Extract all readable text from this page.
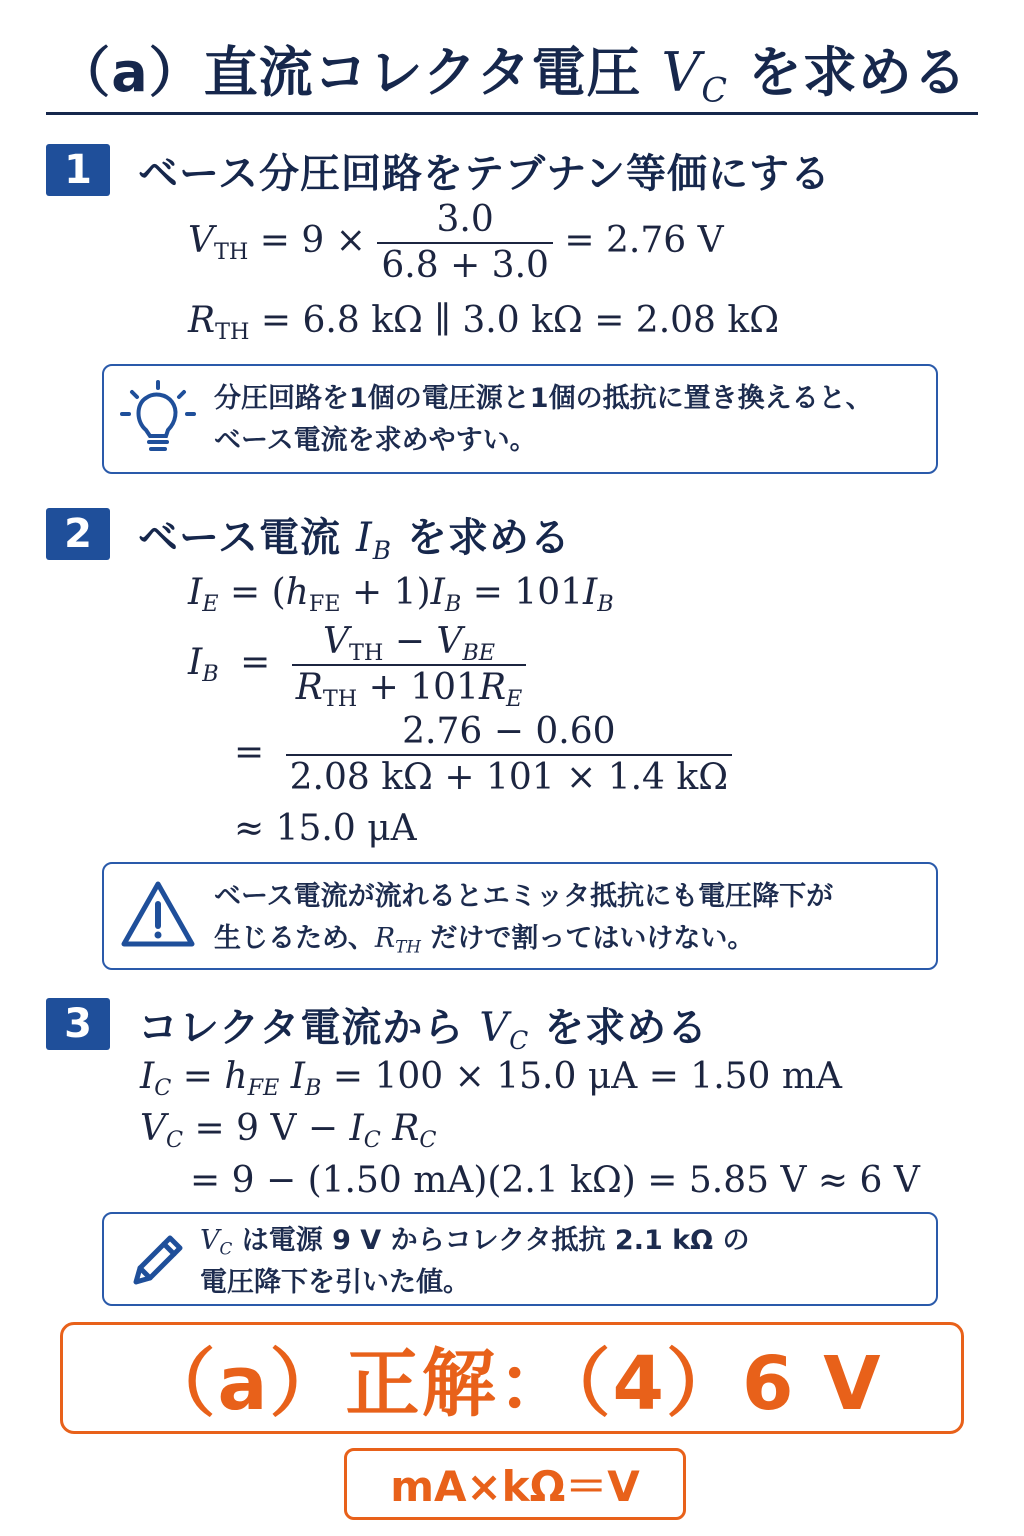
（a）直流コレクタ電圧 $V_C$ を求める
1	ベース分圧回路をテブナン等価にする
$V_{TH} = 9 \times \frac{3.0}{6.8 + 3.0} = 2.76$ V
$R_{TH} = 6.8$ kΩ ∥ 3.0 kΩ = 2.08 kΩ
分圧回路を1個の電圧源と1個の抵抗に置き換えると、
ベース電流を求めやすい。
2	ベース電流 $I_B$ を求める
$I_E = (h_{FE} + 1)I_B = 101I_B$
$I_B = \frac{V_{TH} - V_{BE}}{R_{TH} + 101R_E}$
= $\frac{2.76 - 0.60}{2.08 k\Omega + 101 \times 1.4 k\Omega}$
≈ 15.0 μA
ベース電流が流れるとエミッタ抵抗にも電圧降下が
生じるため、$R_{TH}$ だけで割ってはいけない。
3	コレクタ電流から $V_C$ を求める
$I_C = h_{FE}$ $I_B = 100 \times 15.0$ μA = 1.50 mA
$V_C = 9$ $V - I_C$ $R_C$
= 9 − (1.50 mA)(2.1 kΩ) = 5.85 V ≈ 6 V
$V_C$ は電源 9 V からコレクタ抵抗 2.1 kΩ の
電圧降下を引いた値。
（a）正解：（4）6 V
mA×kΩ＝V
